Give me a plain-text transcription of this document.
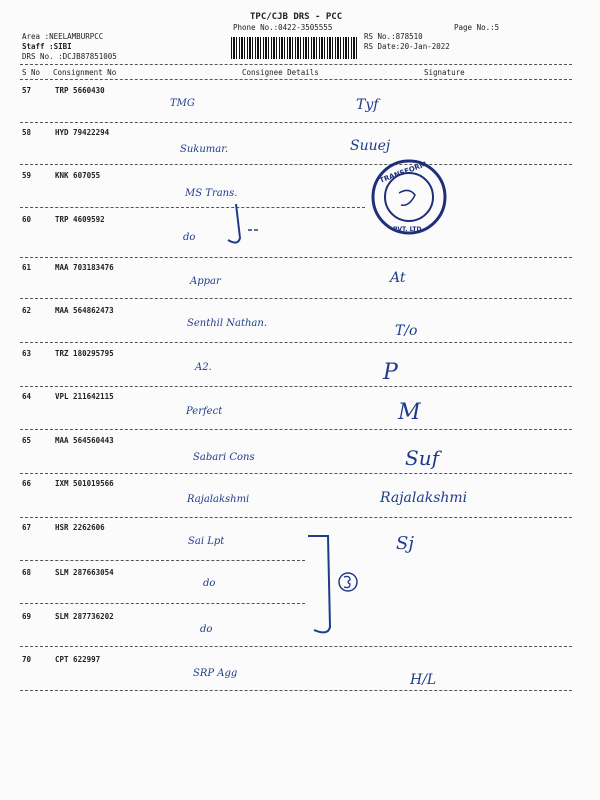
TPC/CJB DRS - PCC
Phone No.:0422-3505555	Page No.:5
Area :NEELAMBURPCC
Staff :SIBI
DRS No. :DCJB87851005
RS No.:878510
RS Date:20-Jan-2022
S No Consignment No	Consignee Details	Signature
57	TRP 5660430
TMG	Tyf
58	HYD 79422294
Sukumar.	Suuej
59	KNK 607055
MS Trans.
60	TRP 4609592
do
TRANSFORM
PVT. LTD
61	MAA 703183476
Appar	At
62	MAA 564862473
Senthil Nathan.	T/o
63	TRZ 180295795
A2.	P
64	VPL 211642115
Perfect	M
65	MAA 564560443
Sabari Cons	Suf
66	IXM 501019566
Rajalakshmi	Rajalakshmi
67	HSR 2262606
Sai Lpt	Sj
68	SLM 287663054
do
69	SLM 287736202
do
70	CPT 622997
SRP Agg	H/L
